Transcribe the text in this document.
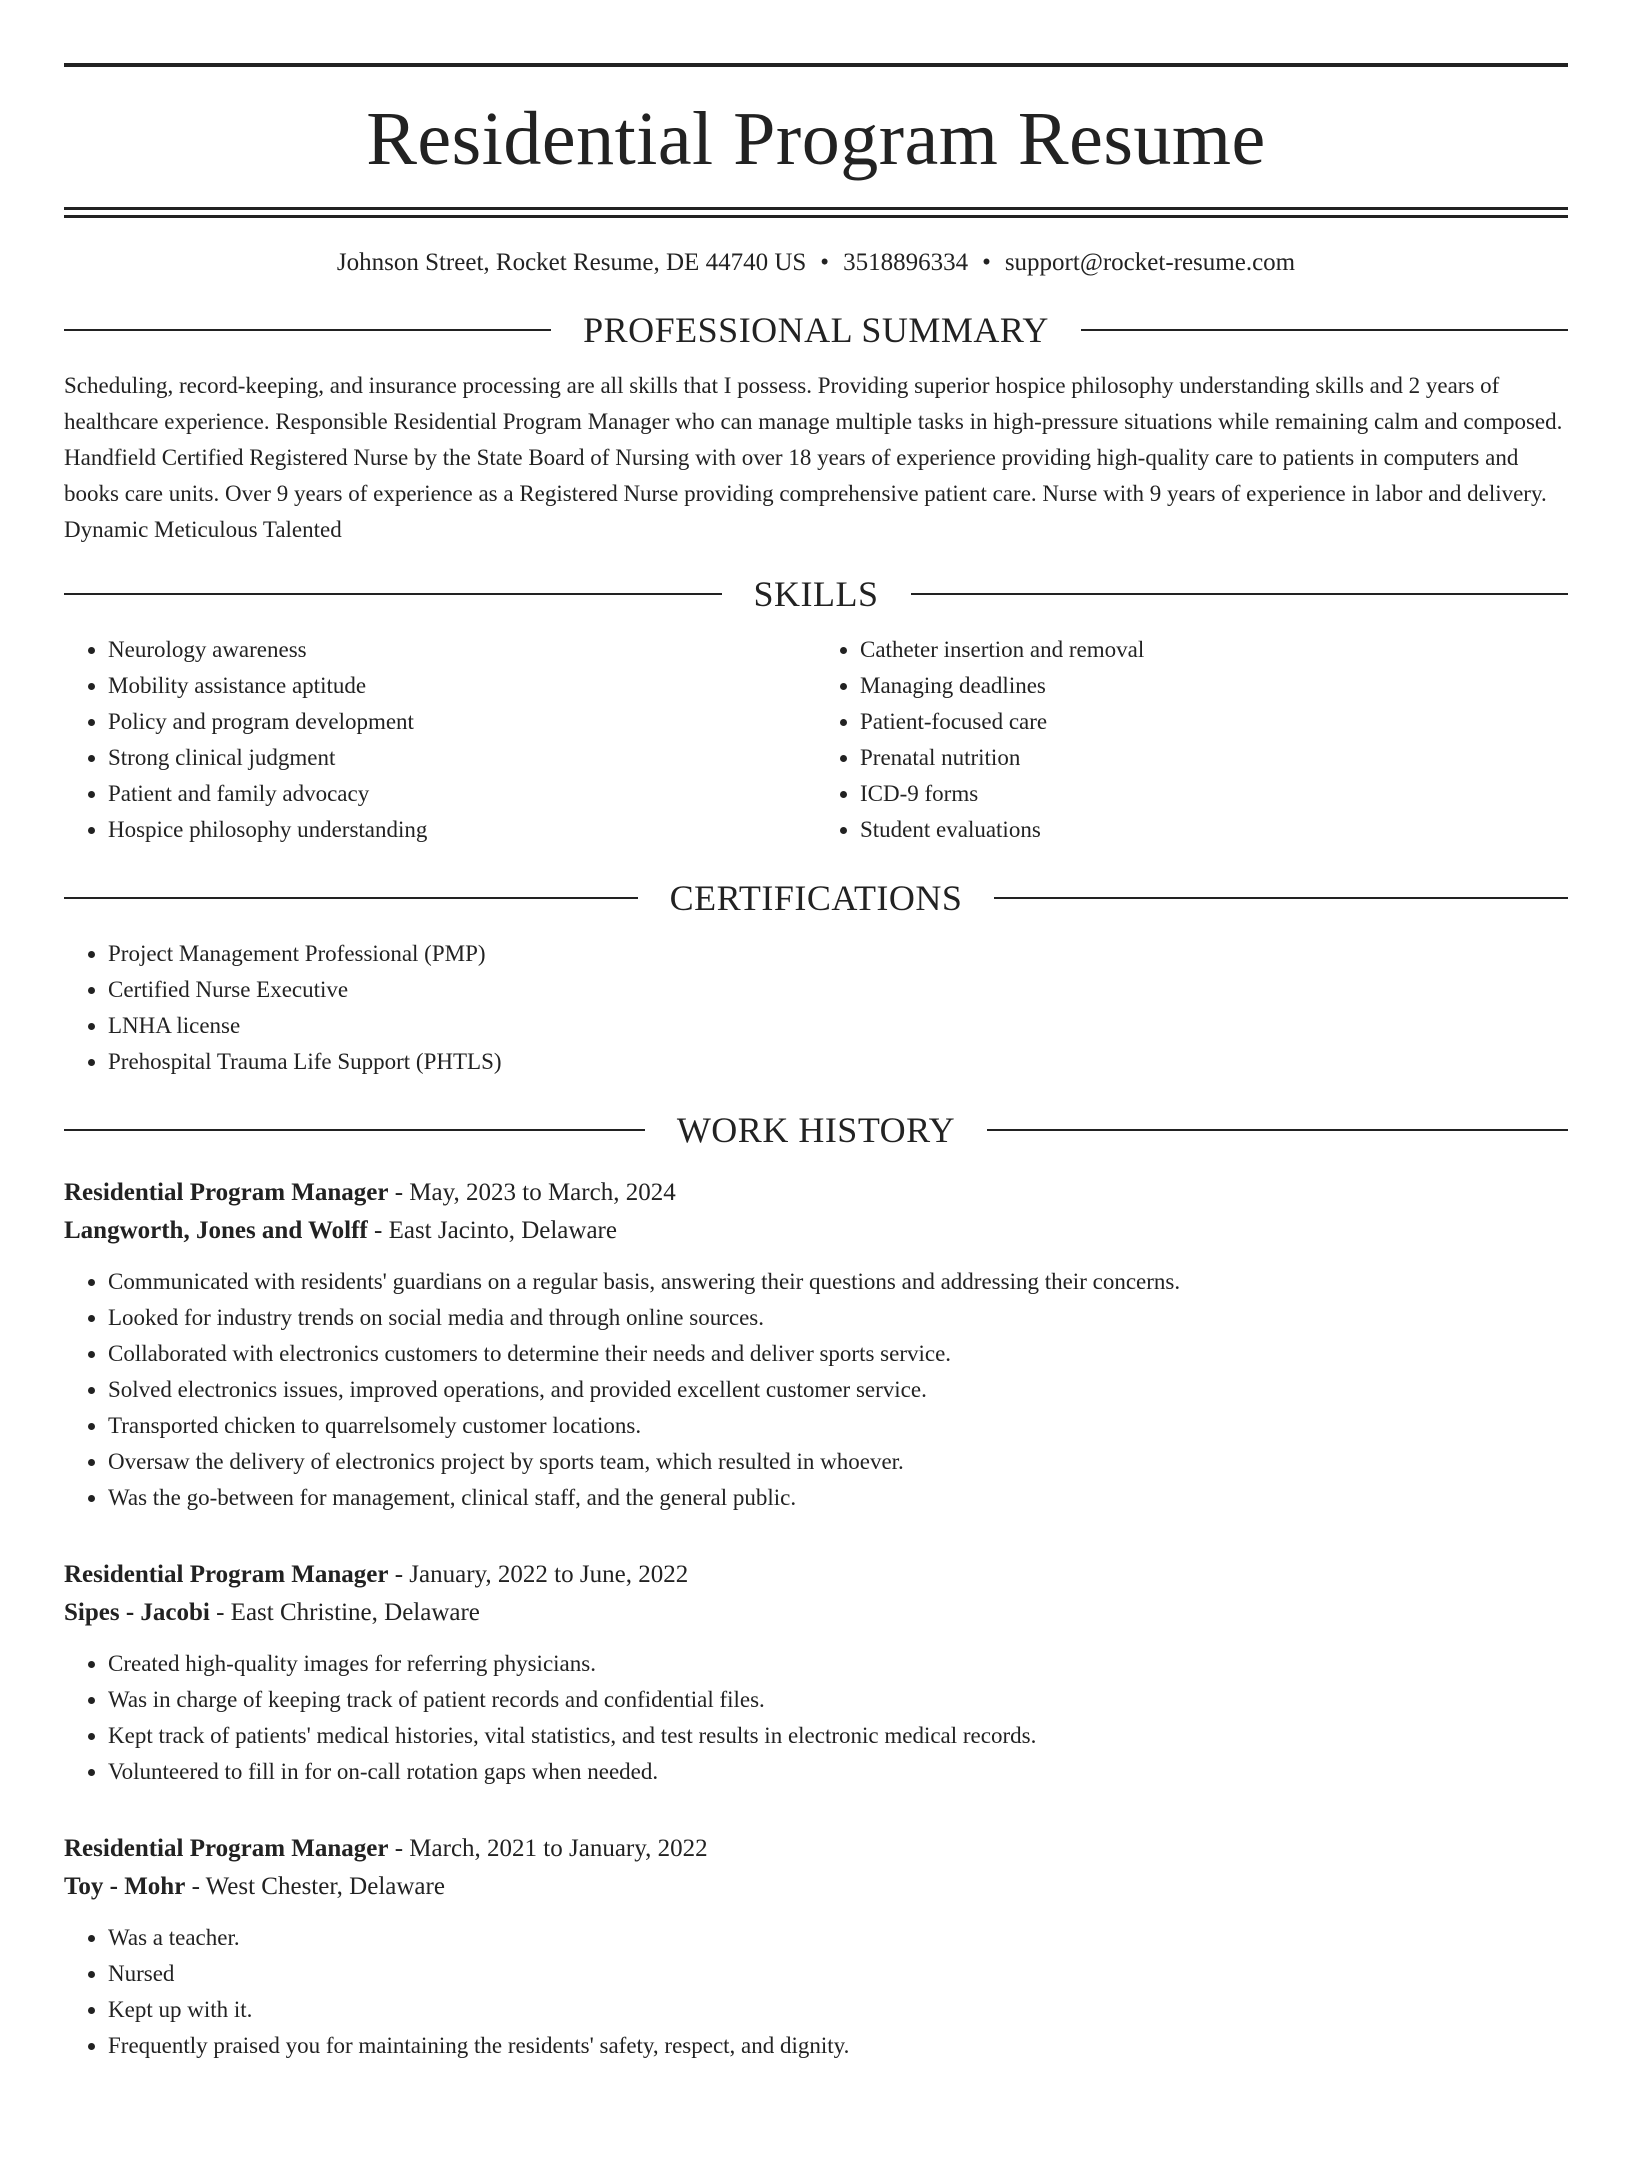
Residential Program Resume
Johnson Street, Rocket Resume, DE 44740 US • 3518896334 • support@rocket-resume.com
PROFESSIONAL SUMMARY

Scheduling, record-keeping, and insurance processing are all skills that I possess. Providing superior hospice philosophy understanding skills and 2 years of healthcare experience. Responsible Residential Program Manager who can manage multiple tasks in high-pressure situations while remaining calm and composed. Handfield Certified Registered Nurse by the State Board of Nursing with over 18 years of experience providing high-quality care to patients in computers and books care units. Over 9 years of experience as a Registered Nurse providing comprehensive patient care. Nurse with 9 years of experience in labor and delivery. Dynamic Meticulous Talented

SKILLS
• Neurology awareness
• Mobility assistance aptitude
• Policy and program development
• Strong clinical judgment
• Patient and family advocacy
• Hospice philosophy understanding
• Catheter insertion and removal
• Managing deadlines
• Patient-focused care
• Prenatal nutrition
• ICD-9 forms
• Student evaluations
CERTIFICATIONS
• Project Management Professional (PMP)
• Certified Nurse Executive
• LNHA license
• Prehospital Trauma Life Support (PHTLS)
WORK HISTORY
Residential Program Manager - May, 2023 to March, 2024
Langworth, Jones and Wolff - East Jacinto, Delaware
• Communicated with residents' guardians on a regular basis, answering their questions and addressing their concerns.
• Looked for industry trends on social media and through online sources.
• Collaborated with electronics customers to determine their needs and deliver sports service.
• Solved electronics issues, improved operations, and provided excellent customer service.
• Transported chicken to quarrelsomely customer locations.
• Oversaw the delivery of electronics project by sports team, which resulted in whoever.
• Was the go-between for management, clinical staff, and the general public.
Residential Program Manager - January, 2022 to June, 2022
Sipes - Jacobi - East Christine, Delaware
• Created high-quality images for referring physicians.
• Was in charge of keeping track of patient records and confidential files.
• Kept track of patients' medical histories, vital statistics, and test results in electronic medical records.
• Volunteered to fill in for on-call rotation gaps when needed.
Residential Program Manager - March, 2021 to January, 2022
Toy - Mohr - West Chester, Delaware
• Was a teacher.
• Nursed
• Kept up with it.
• Frequently praised you for maintaining the residents' safety, respect, and dignity.
